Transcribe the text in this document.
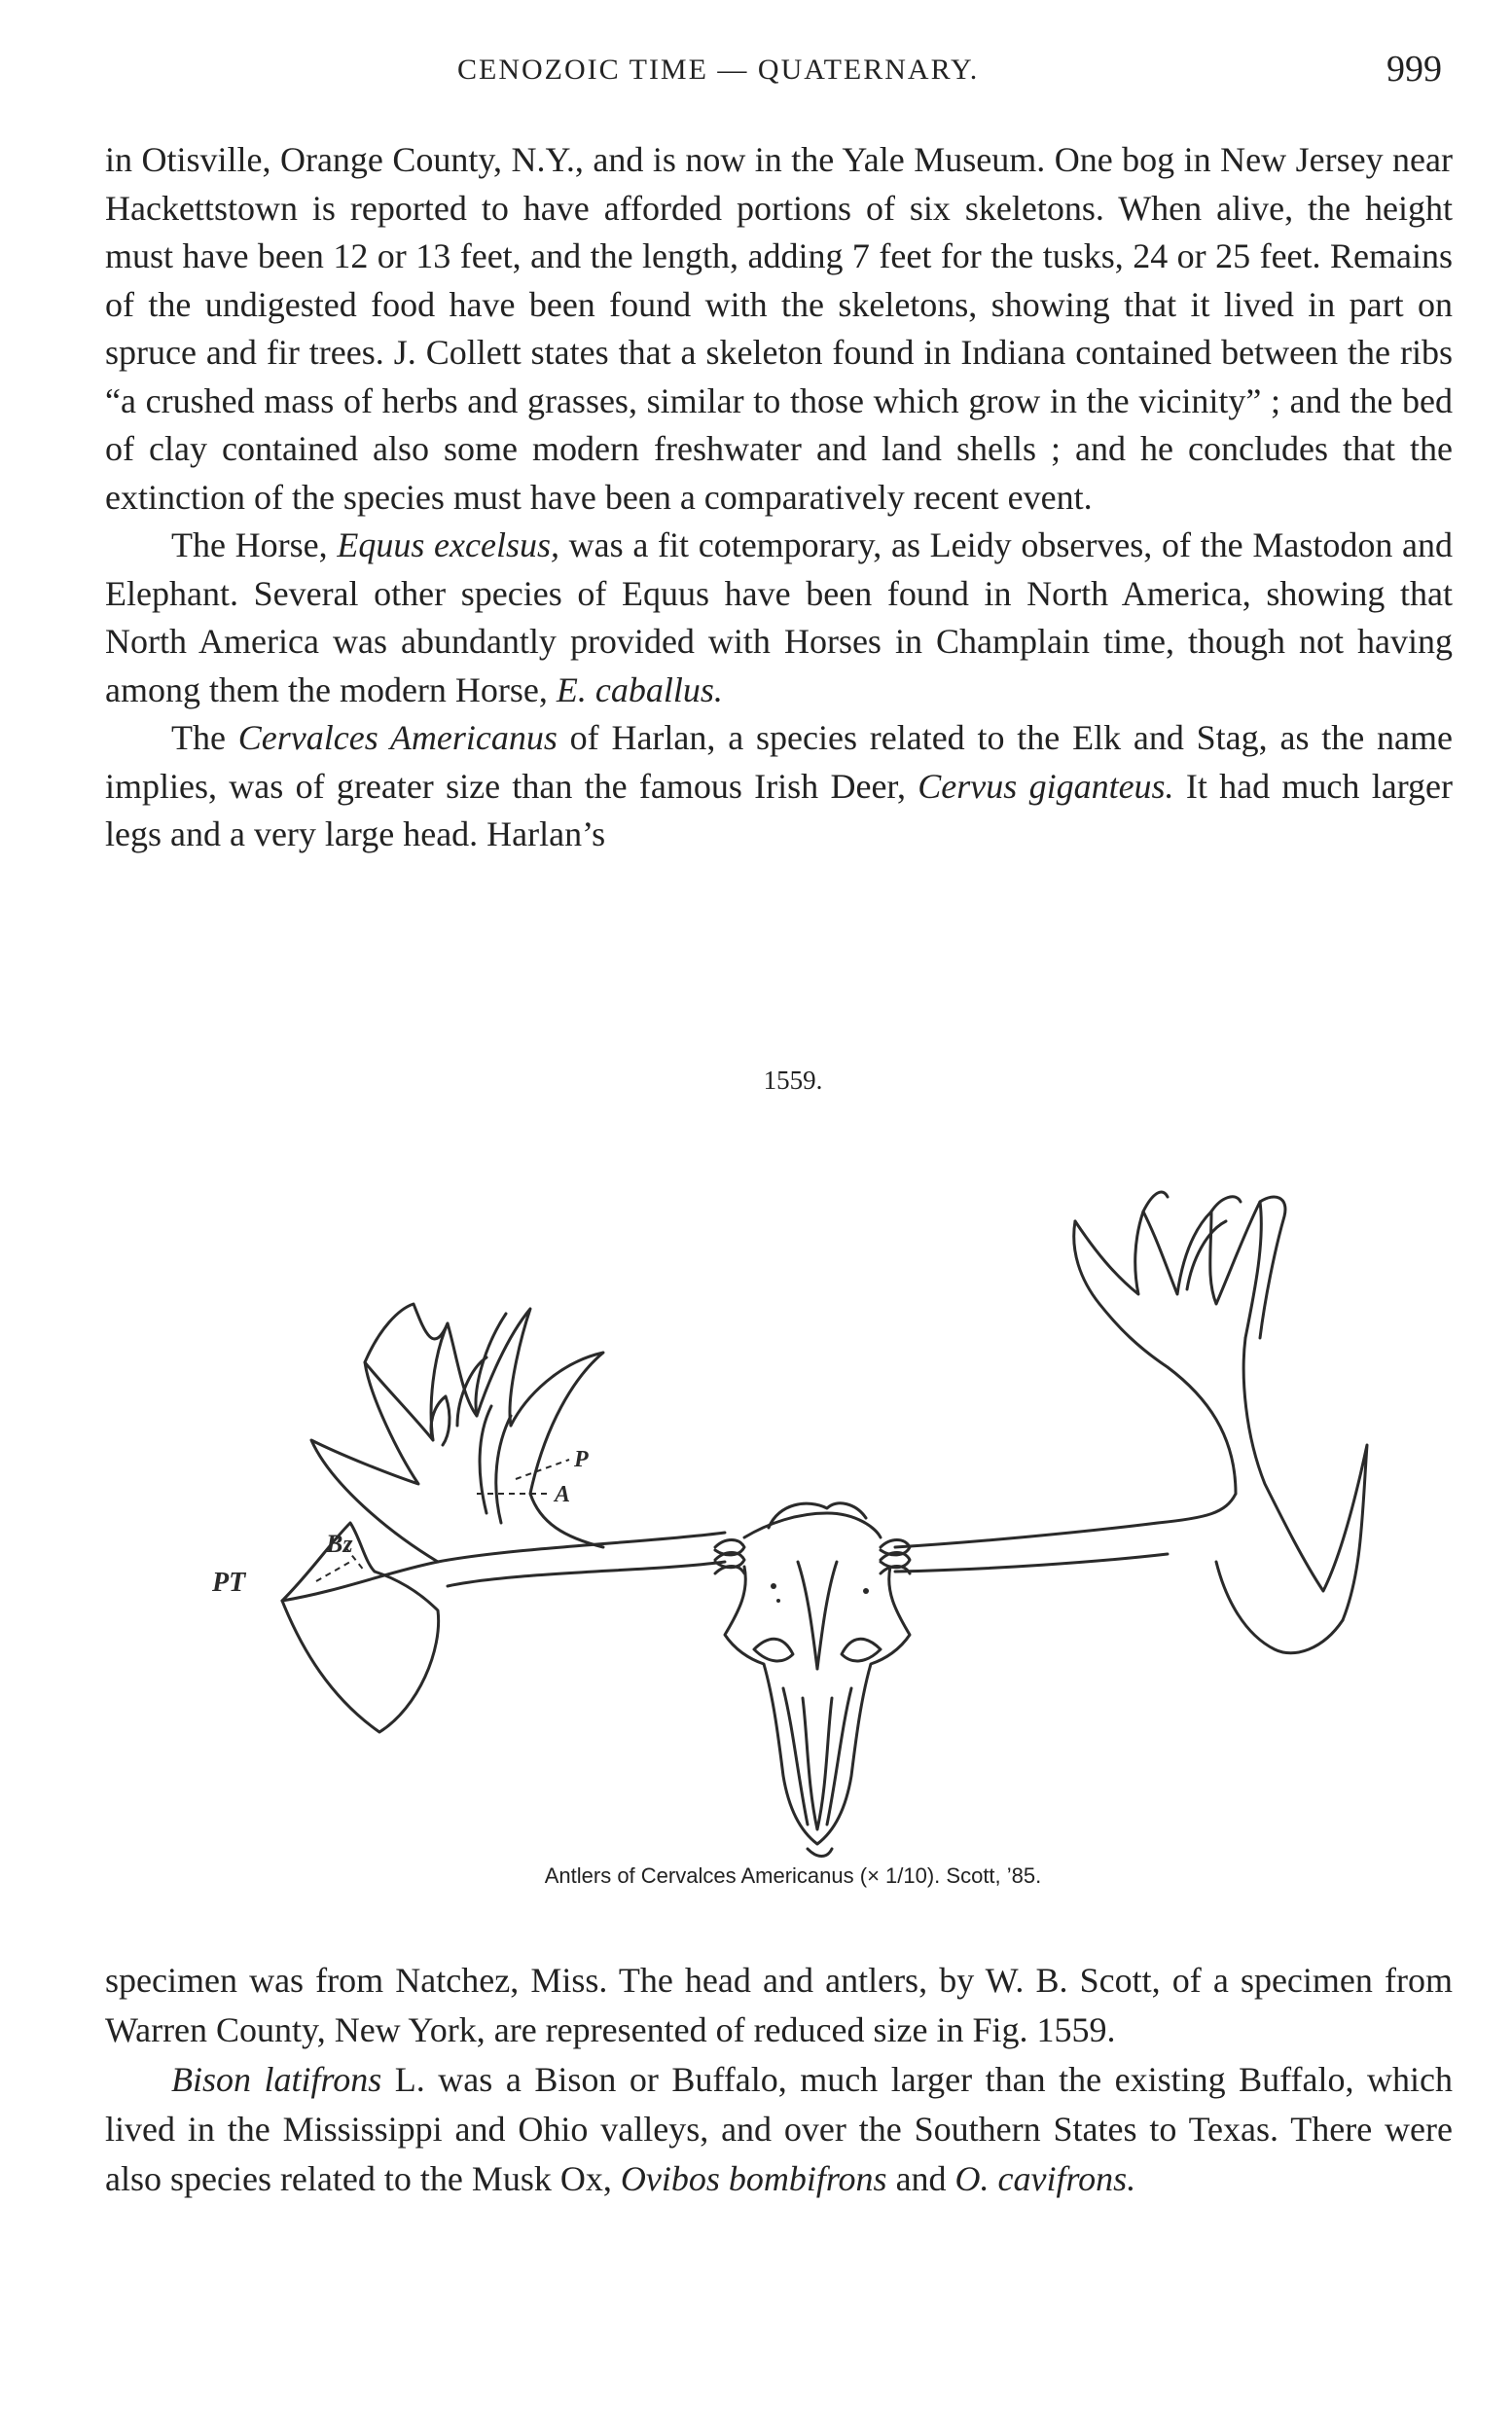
CENOZOIC TIME — QUATERNARY.	999

in Otisville, Orange County, N.Y., and is now in the Yale Museum. One bog in New Jersey near Hackettstown is reported to have afforded portions of six skeletons. When alive, the height must have been 12 or 13 feet, and the length, adding 7 feet for the tusks, 24 or 25 feet. Remains of the undigested food have been found with the skeletons, showing that it lived in part on spruce and fir trees. J. Collett states that a skeleton found in Indiana contained between the ribs “a crushed mass of herbs and grasses, similar to those which grow in the vicinity” ; and the bed of clay contained also some modern freshwater and land shells ; and he concludes that the extinction of the species must have been a comparatively recent event.

The Horse, Equus excelsus, was a fit cotemporary, as Leidy observes, of the Mastodon and Elephant. Several other species of Equus have been found in North America, showing that North America was abundantly provided with Horses in Champlain time, though not having among them the modern Horse, E. caballus.

The Cervalces Americanus of Harlan, a species related to the Elk and Stag, as the name implies, was of greater size than the famous Irish Deer, Cervus giganteus. It had much larger legs and a very large head. Harlan’s

1559.
P
A
Bz
PT
Antlers of Cervalces Americanus (× 1/10). Scott, ’85.

specimen was from Natchez, Miss. The head and antlers, by W. B. Scott, of a specimen from Warren County, New York, are represented of reduced size in Fig. 1559.

Bison latifrons L. was a Bison or Buffalo, much larger than the existing Buffalo, which lived in the Mississippi and Ohio valleys, and over the Southern States to Texas. There were also species related to the Musk Ox, Ovibos bombifrons and O. cavifrons.
